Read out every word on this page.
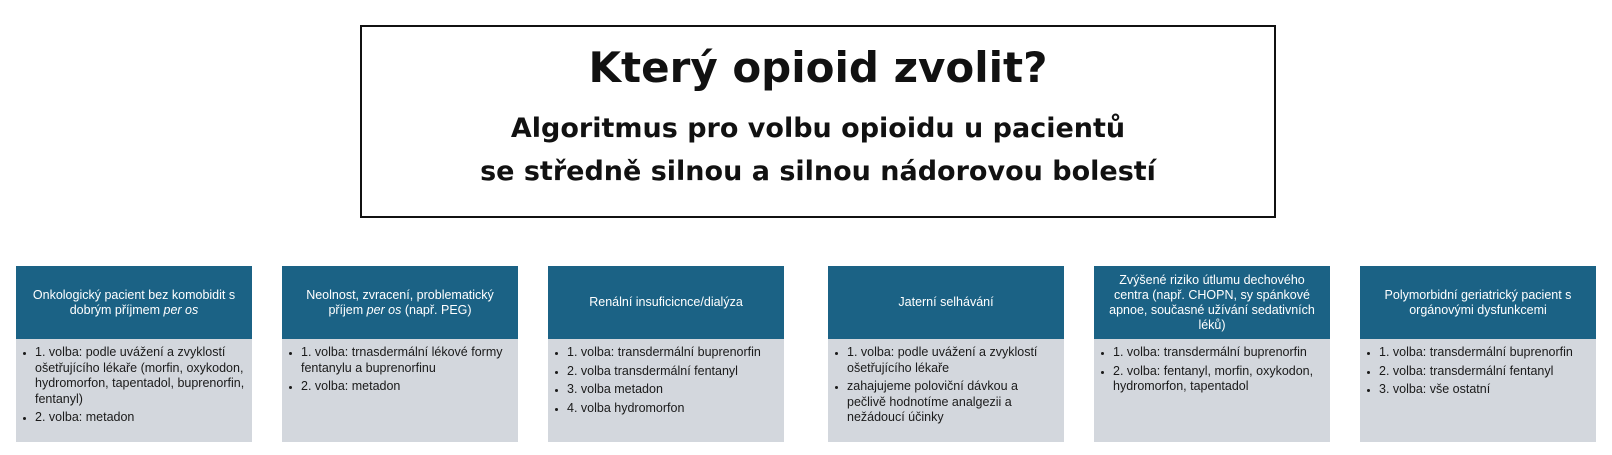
Který opioid zvolit?
Algoritmus pro volbu opioidu u pacientů
se středně silnou a silnou nádorovou bolestí
Onkologický pacient bez komobidit s dobrým příjmem per os
• 1. volba: podle uvážení a zvyklostí ošetřujícího lékaře (morfin, oxykodon, hydromorfon, tapentadol, buprenorfin, fentanyl)
• 2. volba: metadon
Neolnost, zvracení, problematický příjem per os (např. PEG)
• 1. volba: trnasdermální lékové formy fentanylu a buprenorfinu
• 2. volba: metadon
Renální insuficicnce/dialýza
• 1. volba: transdermální buprenorfin
• 2. volba transdermální fentanyl
• 3. volba metadon
• 4. volba hydromorfon
Jaterní selhávání
• 1. volba: podle uvážení a zvyklostí ošetřujícího lékaře
• zahajujeme poloviční dávkou a pečlivě hodnotíme analgezii a nežádoucí účinky
Zvýšené riziko útlumu dechového centra (např. CHOPN, sy spánkové apnoe, současné užívání sedativních léků)
• 1. volba: transdermální buprenorfin
• 2. volba: fentanyl, morfin, oxykodon, hydromorfon, tapentadol
Polymorbidní geriatrický pacient s orgánovými dysfunkcemi
• 1. volba: transdermální buprenorfin
• 2. volba: transdermální fentanyl
• 3. volba: vše ostatní
